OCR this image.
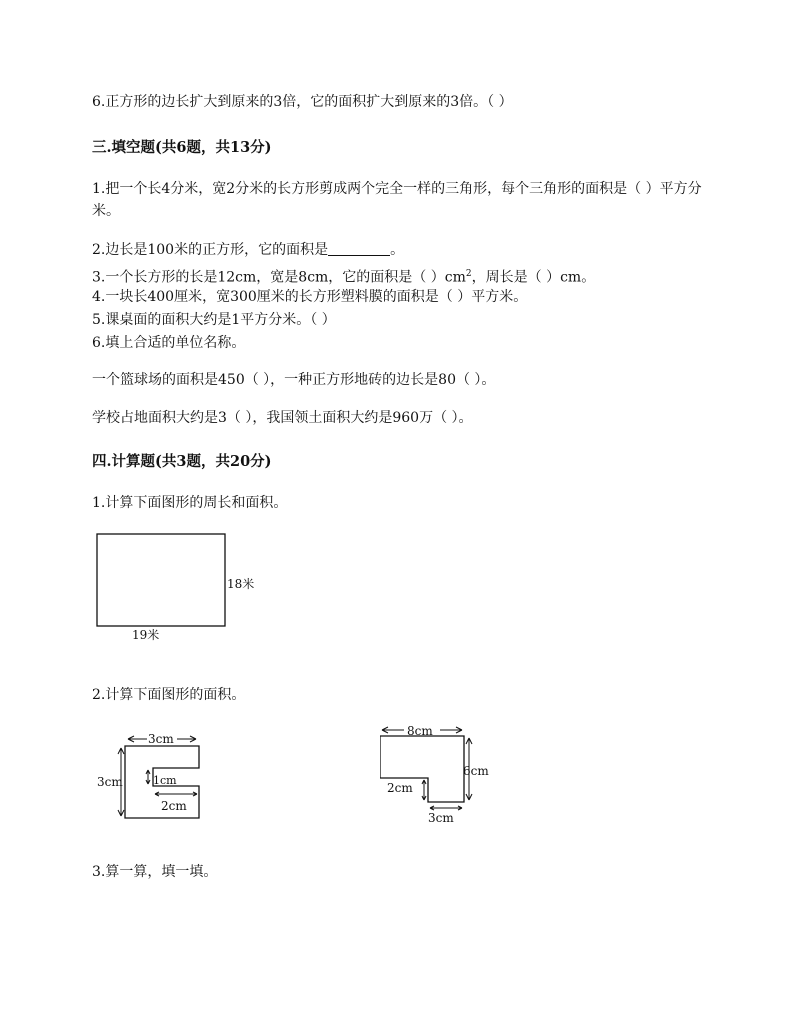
6.正方形的边长扩大到原来的3倍，它的面积扩大到原来的3倍。（ ）
三.填空题(共6题，共13分)
1.把一个长4分米，宽2分米的长方形剪成两个完全一样的三角形，每个三角形的面积是（ ）平方分米。
2.边长是100米的正方形，它的面积是	。
3.一个长方形的长是12cm，宽是8cm，它的面积是（ ）$cm^2$，周长是（ ）cm。
4.一块长400厘米，宽300厘米的长方形塑料膜的面积是（ ）平方米。
5.课桌面的面积大约是1平方分米。（ ）
6.填上合适的单位名称。
一个篮球场的面积是450（ ），一种正方形地砖的边长是80（ ）。
学校占地面积大约是3（ ），我国领土面积大约是960万（ ）。
四.计算题(共3题，共20分)
1.计算下面图形的周长和面积。
18米
19米
2.计算下面图形的面积。
3cm
3cm	1cm
2cm
8cm
6cm
2cm
3cm
3.算一算，填一填。
